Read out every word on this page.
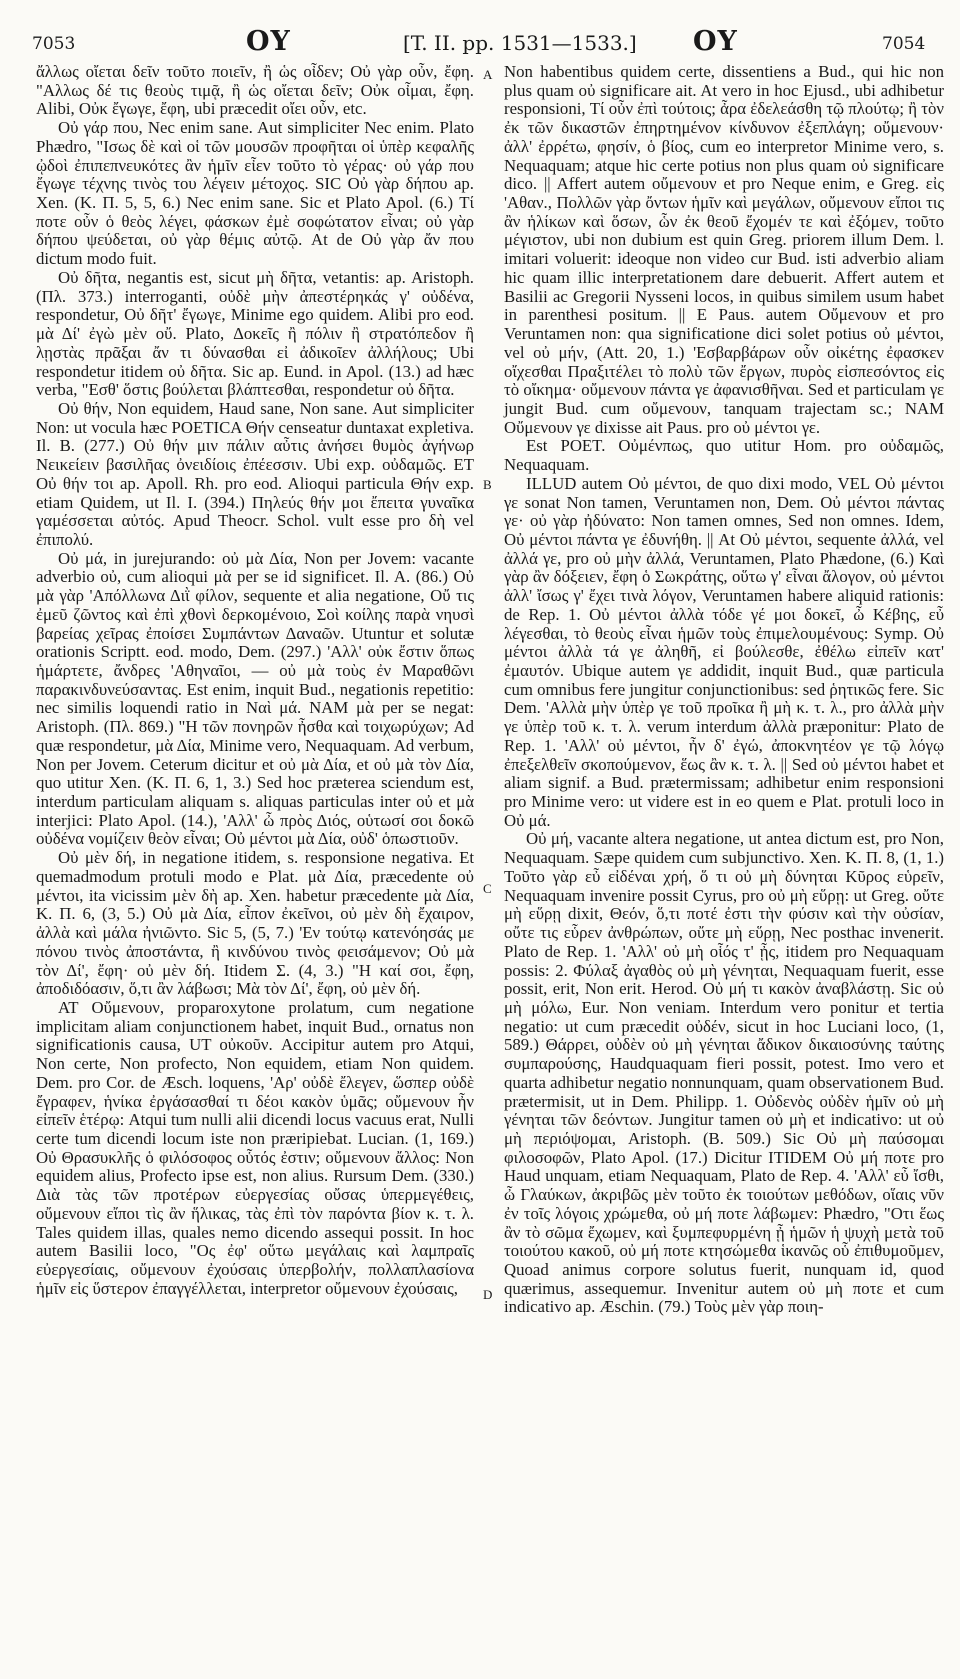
7053	ΟΥ	[T. II. pp. 1531—1533.] ΟΥ	7054

ἄλλως οἴεται δεῖν τοῦτο ποιεῖν, ἢ ὡς οἶδεν; Οὐ γὰρ οὖν, ἔφη. "Αλλως δέ τις θεοὺς τιμᾷ, ἢ ὡς οἴεται δεῖν; Οὐκ οἶμαι, ἔφη. Alibi, Οὐκ ἔγωγε, ἔφη, ubi præcedit οἴει οὖν, etc.

Οὐ γάρ που, Nec enim sane. Aut simpliciter Nec enim. Plato Phædro, "Ισως δὲ καὶ οἱ τῶν μουσῶν προφῆται οἱ ὑπὲρ κεφαλῆς ᾠδοὶ ἐπιπεπνευκότες ἂν ἡμῖν εἶεν τοῦτο τὸ γέρας· οὐ γάρ που ἔγωγε τέχνης τινὸς του λέγειν μέτοχος. SIC Οὐ γὰρ δήπου ap. Xen. (K. Π. 5, 5, 6.) Nec enim sane. Sic et Plato Apol. (6.) Τί ποτε οὖν ὁ θεὸς λέγει, φάσκων ἐμὲ σοφώτατον εἶναι; οὐ γὰρ δήπου ψεύδεται, οὐ γὰρ θέμις αὐτῷ. At de Οὐ γὰρ ἄν που dictum modo fuit.

Οὐ δῆτα, negantis est, sicut μὴ δῆτα, vetantis: ap. Aristoph. (Πλ. 373.) interroganti, οὐδὲ μὴν ἀπεστέρηκάς γ' οὐδένα, respondetur, Οὐ δῆτ' ἔγωγε, Minime ego quidem. Alibi pro eod. μὰ Δί' ἐγὼ μὲν οὔ. Plato, Δοκεῖς ἢ πόλιν ἢ στρατόπεδον ἢ λῃστὰς πρᾶξαι ἄν τι δύνασθαι εἰ ἀδικοῖεν ἀλλήλους; Ubi respondetur itidem οὐ δῆτα. Sic ap. Eund. in Apol. (13.) ad hæc verba, "Εσθ' ὅστις βούλεται βλάπτεσθαι, respondetur οὐ δῆτα.

Οὐ θήν, Non equidem, Haud sane, Non sane. Aut simpliciter Non: ut vocula hæc POETICA Θήν censeatur duntaxat expletiva. Il. B. (277.) Οὐ θήν μιν πάλιν αὖτις ἀνήσει θυμὸς ἀγήνωρ Νεικείειν βασιλῆας ὀνειδίοις ἐπέεσσιν. Ubi exp. οὐδαμῶς. ET Οὐ θήν τοι ap. Apoll. Rh. pro eod. Alioqui particula Θήν exp. etiam Quidem, ut Il. I. (394.) Πηλεύς θήν μοι ἔπειτα γυναῖκα γαμέσσεται αὐτός. Apud Theocr. Schol. vult esse pro δὴ vel ἐπιπολύ.

Οὐ μά, in jurejurando: οὐ μὰ Δία, Non per Jovem: vacante adverbio οὐ, cum alioqui μὰ per se id significet. Il. A. (86.) Οὐ μὰ γὰρ 'Απόλλωνα Διῒ φίλον, sequente et alia negatione, Οὔ τις ἐμεῦ ζῶντος καὶ ἐπὶ χθονὶ δερκομένοιο, Σοὶ κοίλης παρὰ νηυσὶ βαρείας χεῖρας ἐποίσει Συμπάντων Δαναῶν. Utuntur et solutæ orationis Scriptt. eod. modo, Dem. (297.) 'Αλλ' οὐκ ἔστιν ὅπως ἡμάρτετε, ἄνδρες 'Αθηναῖοι, — οὐ μὰ τοὺς ἐν Μαραθῶνι παρακινδυνεύσαντας. Est enim, inquit Bud., negationis repetitio: nec similis loquendi ratio in Ναὶ μά. NAM μὰ per se negat: Aristoph. (Πλ. 869.) "Η τῶν πονηρῶν ἦσθα καὶ τοιχωρύχων; Ad quæ respondetur, μὰ Δία, Minime vero, Nequaquam. Ad verbum, Non per Jovem. Ceterum dicitur et οὐ μὰ Δία, et οὐ μὰ τὸν Δία, quo utitur Xen. (K. Π. 6, 1, 3.) Sed hoc præterea sciendum est, interdum particulam aliquam s. aliquas particulas inter οὐ et μὰ interjici: Plato Apol. (14.), 'Αλλ' ὦ πρὸς Διός, οὑτωσί σοι δοκῶ οὐδένα νομίζειν θεὸν εἶναι; Οὐ μέντοι μὰ Δία, οὐδ' ὁπωστιοῦν.

Οὐ μὲν δή, in negatione itidem, s. responsione negativa. Et quemadmodum protuli modo e Plat. μὰ Δία, præcedente οὐ μέντοι, ita vicissim μὲν δὴ ap. Xen. habetur præcedente μὰ Δία, K. Π. 6, (3, 5.) Οὐ μὰ Δία, εἶπον ἐκεῖνοι, οὐ μὲν δὴ ἔχαιρον, ἀλλὰ καὶ μάλα ἠνιῶντο. Sic 5, (5, 7.) 'Εν τούτῳ κατενόησάς με πόνου τινὸς ἀποστάντα, ἢ κινδύνου τινὸς φεισάμενον; Οὐ μὰ τὸν Δί', ἔφη· οὐ μὲν δή. Itidem Σ. (4, 3.) "Η καί σοι, ἔφη, ἀποδιδόασιν, ὅ,τι ἂν λάβωσι; Μὰ τὸν Δί', ἔφη, οὐ μὲν δή.

AT Οὔμενουν, proparoxytone prolatum, cum negatione implicitam aliam conjunctionem habet, inquit Bud., ornatus non significationis causa, UT οὐκοῦν. Accipitur autem pro Atqui, Non certe, Non profecto, Non equidem, etiam Non quidem. Dem. pro Cor. de Æsch. loquens, 'Αρ' οὐδὲ ἔλεγεν, ὥσπερ οὐδὲ ἔγραφεν, ἡνίκα ἐργάσασθαί τι δέοι κακὸν ὑμᾶς; οὔμενουν ἦν εἰπεῖν ἑτέρῳ: Atqui tum nulli alii dicendi locus vacuus erat, Nulli certe tum dicendi locum iste non præripiebat. Lucian. (1, 169.) Οὐ Θρασυκλῆς ὁ φιλόσοφος οὗτός ἐστιν; οὔμενουν ἄλλος: Non equidem alius, Profecto ipse est, non alius. Rursum Dem. (330.) Διὰ τὰς τῶν προτέρων εὐεργεσίας οὔσας ὑπερμεγέθεις, οὔμενουν εἴποι τὶς ἂν ἥλικας, τὰς ἐπὶ τὸν παρόντα βίον κ. τ. λ. Tales quidem illas, quales nemo dicendo assequi possit. In hoc autem Basilii loco, "Ος ἐφ' οὕτω μεγάλαις καὶ λαμπραῖς εὐεργεσίαις, οὔμενουν ἐχούσαις ὑπερβολήν, πολλαπλασίονα ἡμῖν εἰς ὕστερον ἐπαγγέλλεται, interpretor οὔμενουν ἐχούσαις,

A
B
C
D

Non habentibus quidem certe, dissentiens a Bud., qui hic non plus quam οὐ significare ait. At vero in hoc Ejusd., ubi adhibetur responsioni, Τί οὖν ἐπὶ τούτοις; ἆρα ἐδελεάσθη τῷ πλούτῳ; ἢ τὸν ἐκ τῶν δικαστῶν ἐπηρτημένον κίνδυνον ἐξεπλάγη; οὔμενουν· ἀλλ' ἐρρέτω, φησίν, ὁ βίος, cum eo interpretor Minime vero, s. Nequaquam; atque hic certe potius non plus quam οὐ significare dico. || Affert autem οὔμενουν et pro Neque enim, e Greg. εἰς 'Αθαν., Πολλῶν γὰρ ὄντων ἡμῖν καὶ μεγάλων, οὔμενουν εἴποι τις ἂν ἡλίκων καὶ ὅσων, ὧν ἐκ θεοῦ ἔχομέν τε καὶ ἐξόμεν, τοῦτο μέγιστον, ubi non dubium est quin Greg. priorem illum Dem. l. imitari voluerit: ideoque non video cur Bud. isti adverbio aliam hic quam illic interpretationem dare debuerit. Affert autem et Basilii ac Gregorii Nysseni locos, in quibus similem usum habet in parenthesi positum. || E Paus. autem Οὔμενουν et pro Veruntamen non: qua significatione dici solet potius οὐ μέντοι, vel οὐ μήν, (Att. 20, 1.) 'Εσβαρβάρων οὖν οἰκέτης ἐφασκεν οἴχεσθαι Πραξιτέλει τὸ πολὺ τῶν ἔργων, πυρὸς εἰσπεσόντος εἰς τὸ οἴκημα· οὔμενουν πάντα γε ἀφανισθῆναι. Sed et particulam γε jungit Bud. cum οὔμενουν, tanquam trajectam sc.; NAM Οὔμενουν γε dixisse ait Paus. pro οὐ μέντοι γε.

Est POET. Οὐμένπως, quo utitur Hom. pro οὐδαμῶς, Nequaquam.

ILLUD autem Οὐ μέντοι, de quo dixi modo, VEL Οὐ μέντοι γε sonat Non tamen, Veruntamen non, Dem. Οὐ μέντοι πάντας γε· οὐ γὰρ ἠδύνατο: Non tamen omnes, Sed non omnes. Idem, Οὐ μέντοι πάντα γε ἐδυνήθη. || At Οὐ μέντοι, sequente ἀλλά, vel ἀλλά γε, pro οὐ μὴν ἀλλά, Veruntamen, Plato Phædone, (6.) Καὶ γὰρ ἂν δόξειεν, ἔφη ὁ Σωκράτης, οὕτω γ' εἶναι ἄλογον, οὐ μέντοι ἀλλ' ἴσως γ' ἔχει τινὰ λόγον, Veruntamen habere aliquid rationis: de Rep. 1. Οὐ μέντοι ἀλλὰ τόδε γέ μοι δοκεῖ, ὦ Κέβης, εὖ λέγεσθαι, τὸ θεοὺς εἶναι ἡμῶν τοὺς ἐπιμελουμένους: Symp. Οὐ μέντοι ἀλλὰ τά γε ἀληθῆ, εἰ βούλεσθε, ἐθέλω εἰπεῖν κατ' ἐμαυτόν. Ubique autem γε addidit, inquit Bud., quæ particula cum omnibus fere jungitur conjunctionibus: sed ῥητικῶς fere. Sic Dem. 'Αλλὰ μὴν ὑπὲρ γε τοῦ προῖκα ἢ μὴ κ. τ. λ., pro ἀλλὰ μὴν γε ὑπὲρ τοῦ κ. τ. λ. verum interdum ἀλλὰ præponitur: Plato de Rep. 1. 'Αλλ' οὐ μέντοι, ἦν δ' ἐγώ, ἀποκνητέον γε τῷ λόγῳ ἐπεξελθεῖν σκοπούμενον, ἕως ἂν κ. τ. λ. || Sed οὐ μέντοι habet et aliam signif. a Bud. prætermissam; adhibetur enim responsioni pro Minime vero: ut videre est in eo quem e Plat. protuli loco in Οὐ μά.

Οὐ μή, vacante altera negatione, ut antea dictum est, pro Non, Nequaquam. Sæpe quidem cum subjunctivo. Xen. K. Π. 8, (1, 1.) Τοῦτο γὰρ εὖ εἰδέναι χρή, ὅ τι οὐ μὴ δύνηται Κῦρος εὑρεῖν, Nequaquam invenire possit Cyrus, pro οὐ μὴ εὕρῃ: ut Greg. οὔτε μὴ εὕρῃ dixit, Θεόν, ὅ,τι ποτέ ἐστι τὴν φύσιν καὶ τὴν οὐσίαν, οὔτε τις εὗρεν ἀνθρώπων, οὔτε μὴ εὕρῃ, Nec posthac invenerit. Plato de Rep. 1. 'Αλλ' οὐ μὴ οἷός τ' ᾖς, itidem pro Nequaquam possis: 2. Φύλαξ ἀγαθὸς οὐ μὴ γένηται, Nequaquam fuerit, esse possit, erit, Non erit. Herod. Οὐ μή τι κακὸν ἀναβλάστῃ. Sic οὐ μὴ μόλω, Eur. Non veniam. Interdum vero ponitur et tertia negatio: ut cum præcedit οὐδέν, sicut in hoc Luciani loco, (1, 589.) Θάρρει, οὐδὲν οὐ μὴ γένηται ἄδικον δικαιοσύνης ταύτης συμπαρούσης, Haudquaquam fieri possit, potest. Imo vero et quarta adhibetur negatio nonnunquam, quam observationem Bud. prætermisit, ut in Dem. Philipp. 1. Οὐδενὸς οὐδὲν ἡμῖν οὐ μὴ γένηται τῶν δεόντων. Jungitur tamen οὐ μὴ et indicativo: ut οὐ μὴ περιόψομαι, Aristoph. (B. 509.) Sic Οὐ μὴ παύσομαι φιλοσοφῶν, Plato Apol. (17.) Dicitur ITIDEM Οὐ μή ποτε pro Haud unquam, etiam Nequaquam, Plato de Rep. 4. 'Αλλ' εὖ ἴσθι, ὦ Γλαύκων, ἀκριβῶς μὲν τοῦτο ἐκ τοιούτων μεθόδων, οἵαις νῦν ἐν τοῖς λόγοις χρώμεθα, οὐ μή ποτε λάβωμεν: Phædro, "Οτι ἕως ἂν τὸ σῶμα ἔχωμεν, καὶ ξυμπεφυρμένη ᾖ ἡμῶν ἡ ψυχὴ μετὰ τοῦ τοιούτου κακοῦ, οὐ μή ποτε κτησώμεθα ἱκανῶς οὗ ἐπιθυμοῦμεν, Quoad animus corpore solutus fuerit, nunquam id, quod quærimus, assequemur. Invenitur autem οὐ μὴ ποτε et cum indicativo ap. Æschin. (79.) Τοὺς μὲν γὰρ ποιη-
